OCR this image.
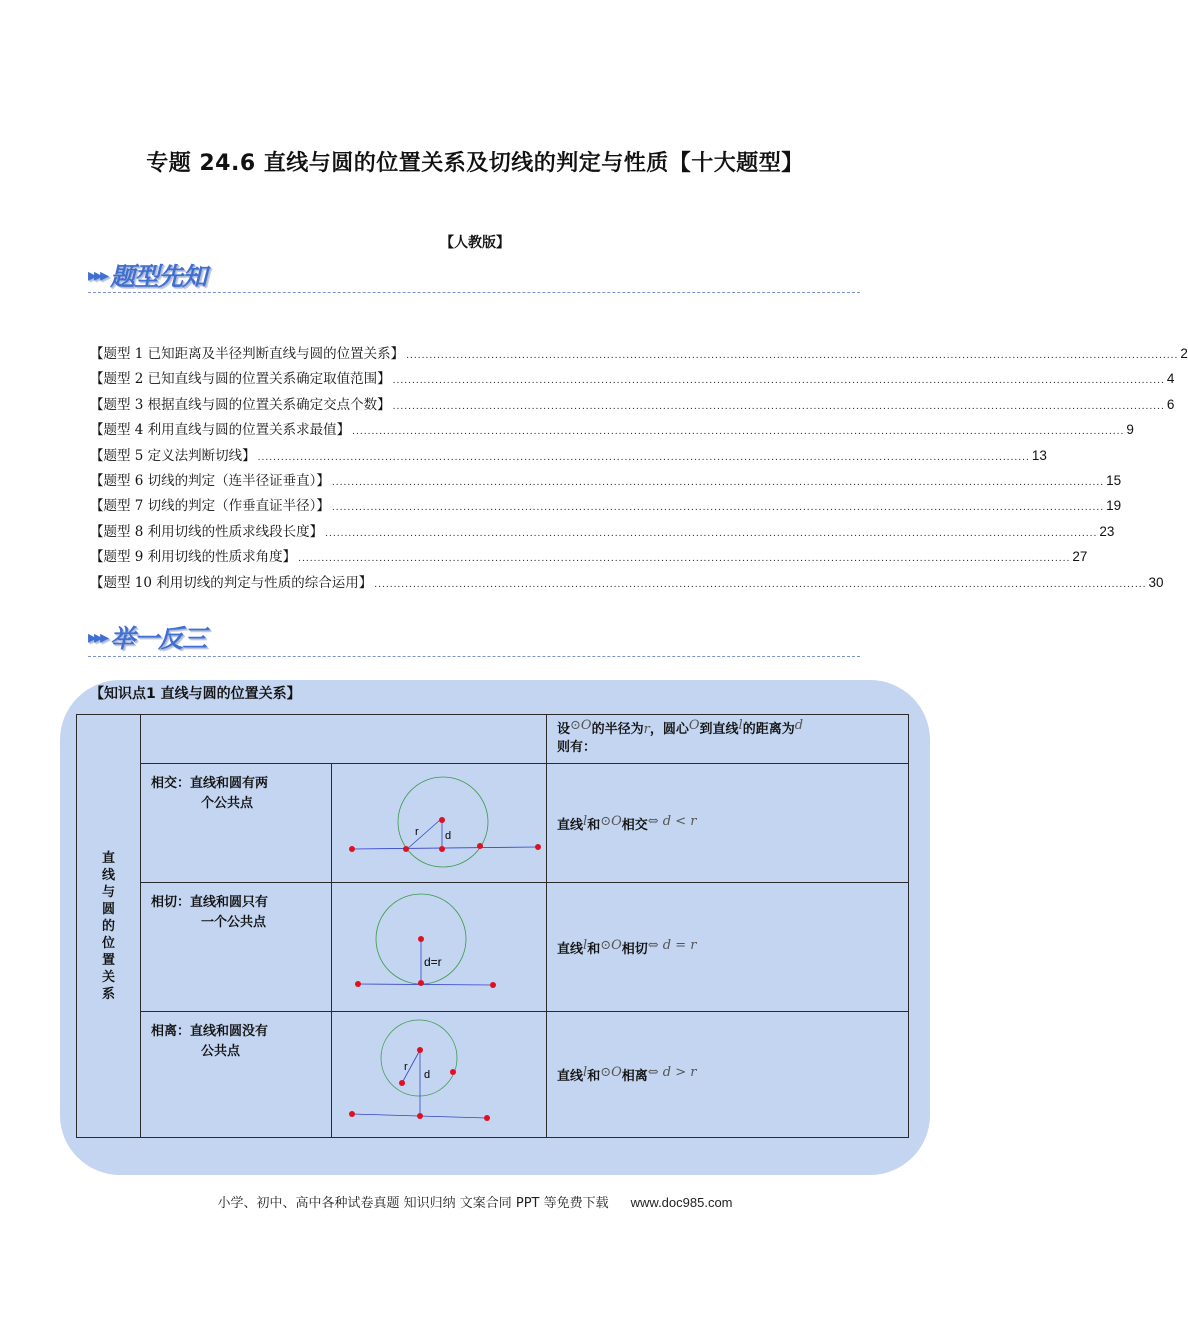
专题 24.6 直线与圆的位置关系及切线的判定与性质【十大题型】
【人教版】
▸▸▸ 题型先知
【题型 1 已知距离及半径判断直线与圆的位置关系】 ........................................................................................................................................................................................................ 2
【题型 2 已知直线与圆的位置关系确定取值范围】 ........................................................................................................................................................................................................ 4
【题型 3 根据直线与圆的位置关系确定交点个数】 ........................................................................................................................................................................................................ 6
【题型 4 利用直线与圆的位置关系求最值】 ........................................................................................................................................................................................................ 9
【题型 5 定义法判断切线】 ........................................................................................................................................................................................................ 13
【题型 6 切线的判定（连半径证垂直）】 ........................................................................................................................................................................................................ 15
【题型 7 切线的判定（作垂直证半径）】 ........................................................................................................................................................................................................ 19
【题型 8 利用切线的性质求线段长度】 ........................................................................................................................................................................................................ 23
【题型 9 利用切线的性质求角度】 ........................................................................................................................................................................................................ 27
【题型 10 利用切线的判定与性质的综合运用】 ........................................................................................................................................................................................................ 30
▸▸▸ 举一反三
【知识点1 直线与圆的位置关系】
直线与圆的位置关系			设⊙O的半径为r，圆心O到直线l的距离为d
则有：
	相交：直线和圆有两
个公共点	r d	直线l和⊙O相交⇔ d < r
	相切：直线和圆只有
一个公共点	d=r	直线l和⊙O相切⇔ d = r
	相离：直线和圆没有
公共点	r
d	直线l和⊙O相离⇔ d > r
小学、初中、高中各种试卷真题 知识归纳 文案合同 PPT 等免费下载 www.doc985.com
